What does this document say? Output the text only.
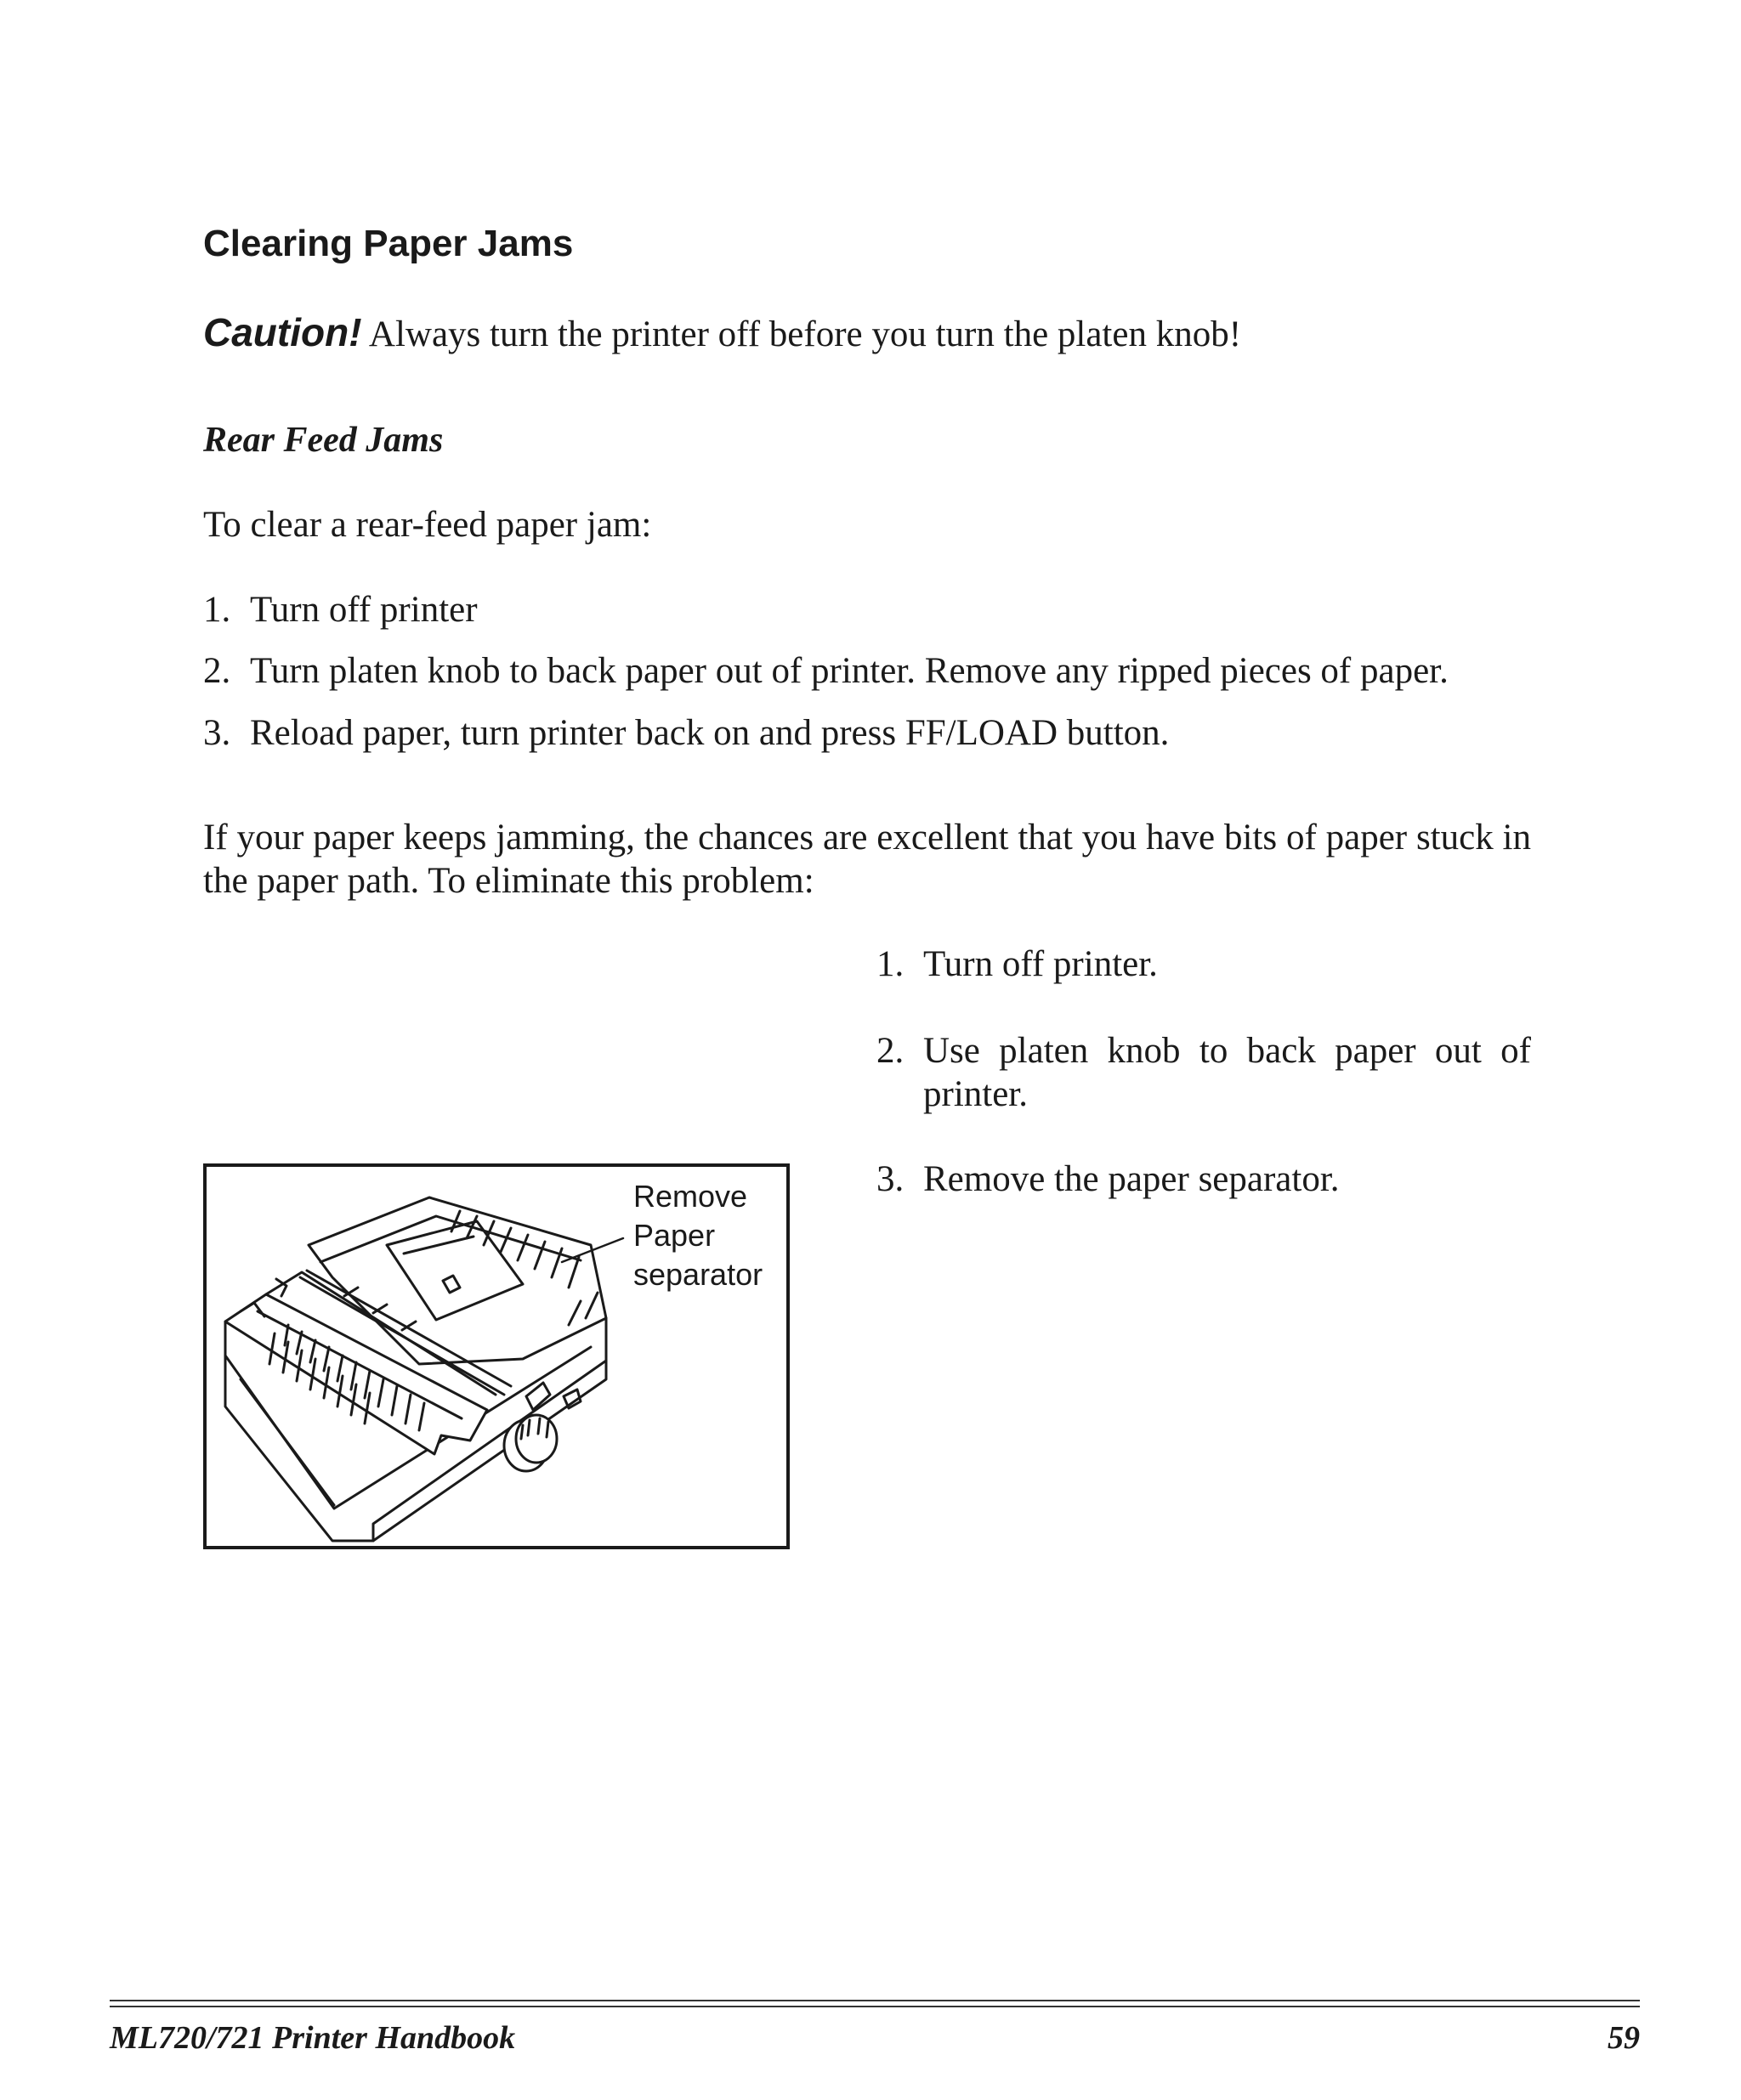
Clearing Paper Jams
Caution! Always turn the printer off before you turn the platen knob!
Rear Feed Jams
To clear a rear-feed paper jam:
1. Turn off printer
2. Turn platen knob to back paper out of printer. Remove any ripped pieces of paper.
3. Reload paper, turn printer back on and press FF/LOAD button.
If your paper keeps jamming, the chances are excellent that you have bits of paper stuck in the paper path. To eliminate this problem:
1. Turn off printer.
2. Use platen knob to back paper out of printer.
3. Remove the paper separator.
Remove
Paper
separator
ML720/721 Printer Handbook	59
